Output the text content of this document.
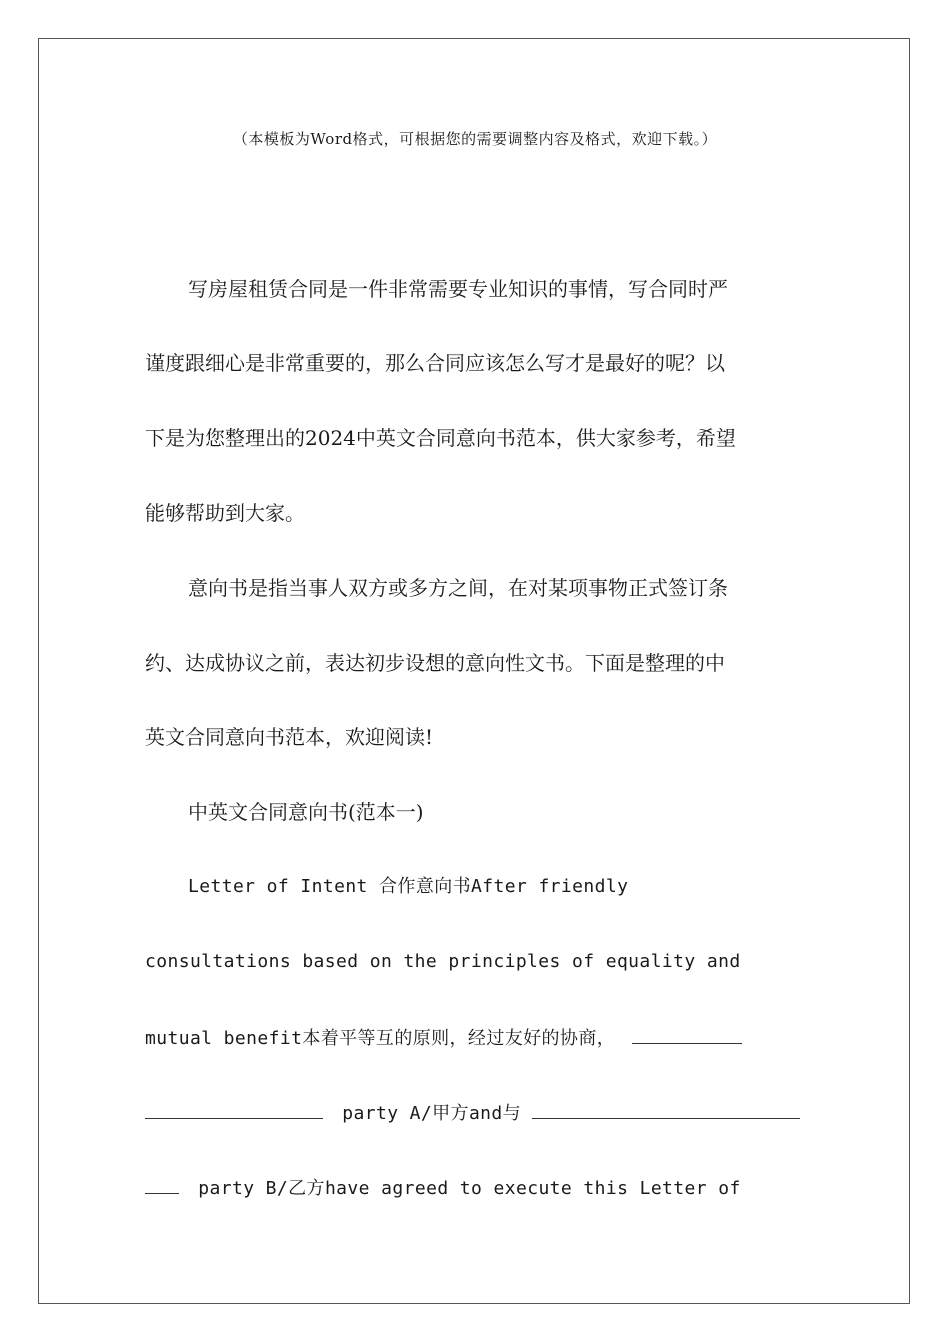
（本模板为Word格式，可根据您的需要调整内容及格式，欢迎下载。）
写房屋租赁合同是一件非常需要专业知识的事情，写合同时严
谨度跟细心是非常重要的，那么合同应该怎么写才是最好的呢？以
下是为您整理出的2024中英文合同意向书范本，供大家参考，希望
能够帮助到大家。
意向书是指当事人双方或多方之间，在对某项事物正式签订条
约、达成协议之前，表达初步设想的意向性文书。下面是整理的中
英文合同意向书范本，欢迎阅读!
中英文合同意向书(范本一)
Letter of Intent 合作意向书After friendly
consultations based on the principles of equality and
mutual benefit本着平等互的原则，经过友好的协商，
party A/甲方and与
party B/乙方have agreed to execute this Letter of
